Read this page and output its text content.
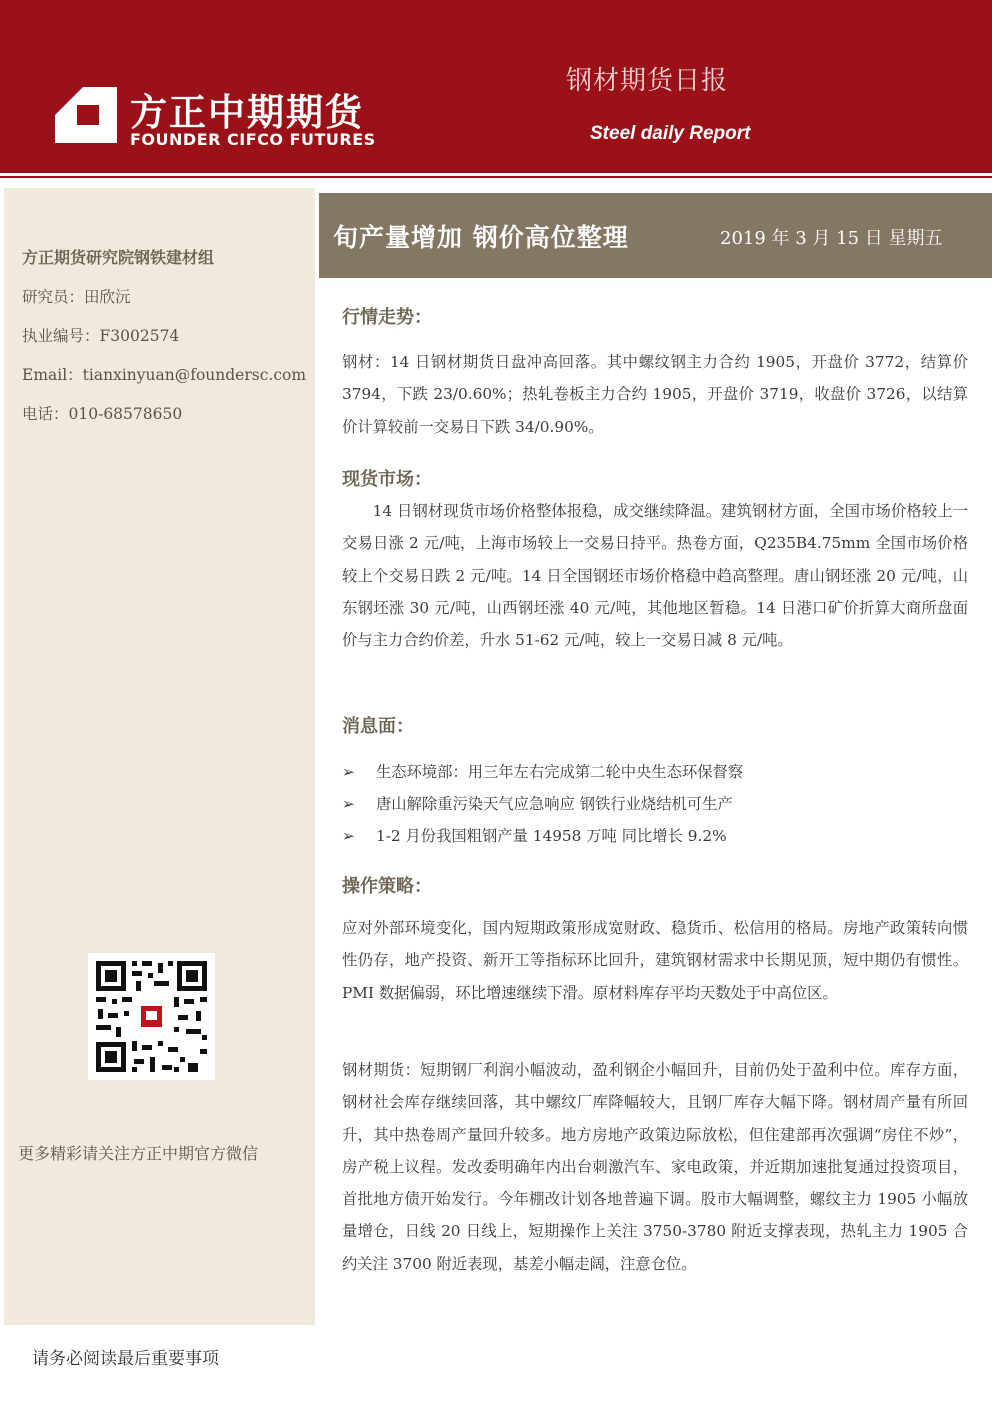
方正中期期货
FOUNDER CIFCO FUTURES
钢材期货日报
Steel daily Report
方正期货研究院钢铁建材组
研究员：田欣沅
执业编号：F3002574
Email：tianxinyuan@foundersc.com
电话：010-68578650
更多精彩请关注方正中期官方微信
请务必阅读最后重要事项
旬产量增加 钢价高位整理	2019 年 3 月 15 日 星期五
行情走势：

钢材：14 日钢材期货日盘冲高回落。其中螺纹钢主力合约 1905，开盘价 3772，结算价 3794，下跌 23/0.60%；热轧卷板主力合约 1905，开盘价 3719，收盘价 3726，以结算价计算较前一交易日下跌 34/0.90%。

现货市场：

14 日钢材现货市场价格整体报稳，成交继续降温。建筑钢材方面，全国市场价格较上一交易日涨 2 元/吨，上海市场较上一交易日持平。热卷方面，Q235B4.75mm 全国市场价格较上个交易日跌 2 元/吨。14 日全国钢坯市场价格稳中趋高整理。唐山钢坯涨 20 元/吨，山东钢坯涨 30 元/吨，山西钢坯涨 40 元/吨，其他地区暂稳。14 日港口矿价折算大商所盘面价与主力合约价差，升水 51-62 元/吨，较上一交易日减 8 元/吨。

消息面：
➢ 生态环境部：用三年左右完成第二轮中央生态环保督察
➢ 唐山解除重污染天气应急响应 钢铁行业烧结机可生产
➢ 1-2 月份我国粗钢产量 14958 万吨 同比增长 9.2%
操作策略：

应对外部环境变化，国内短期政策形成宽财政、稳货币、松信用的格局。房地产政策转向惯性仍存，地产投资、新开工等指标环比回升，建筑钢材需求中长期见顶，短中期仍有惯性。PMI 数据偏弱，环比增速继续下滑。原材料库存平均天数处于中高位区。

钢材期货：短期钢厂利润小幅波动，盈利钢企小幅回升，目前仍处于盈利中位。库存方面，钢材社会库存继续回落，其中螺纹厂库降幅较大，且钢厂库存大幅下降。钢材周产量有所回升，其中热卷周产量回升较多。地方房地产政策边际放松，但住建部再次强调“房住不炒”，房产税上议程。发改委明确年内出台刺激汽车、家电政策，并近期加速批复通过投资项目，首批地方债开始发行。今年棚改计划各地普遍下调。股市大幅调整，螺纹主力 1905 小幅放量增仓，日线 20 日线上，短期操作上关注 3750-3780 附近支撑表现，热轧主力 1905 合约关注 3700 附近表现，基差小幅走阔，注意仓位。
